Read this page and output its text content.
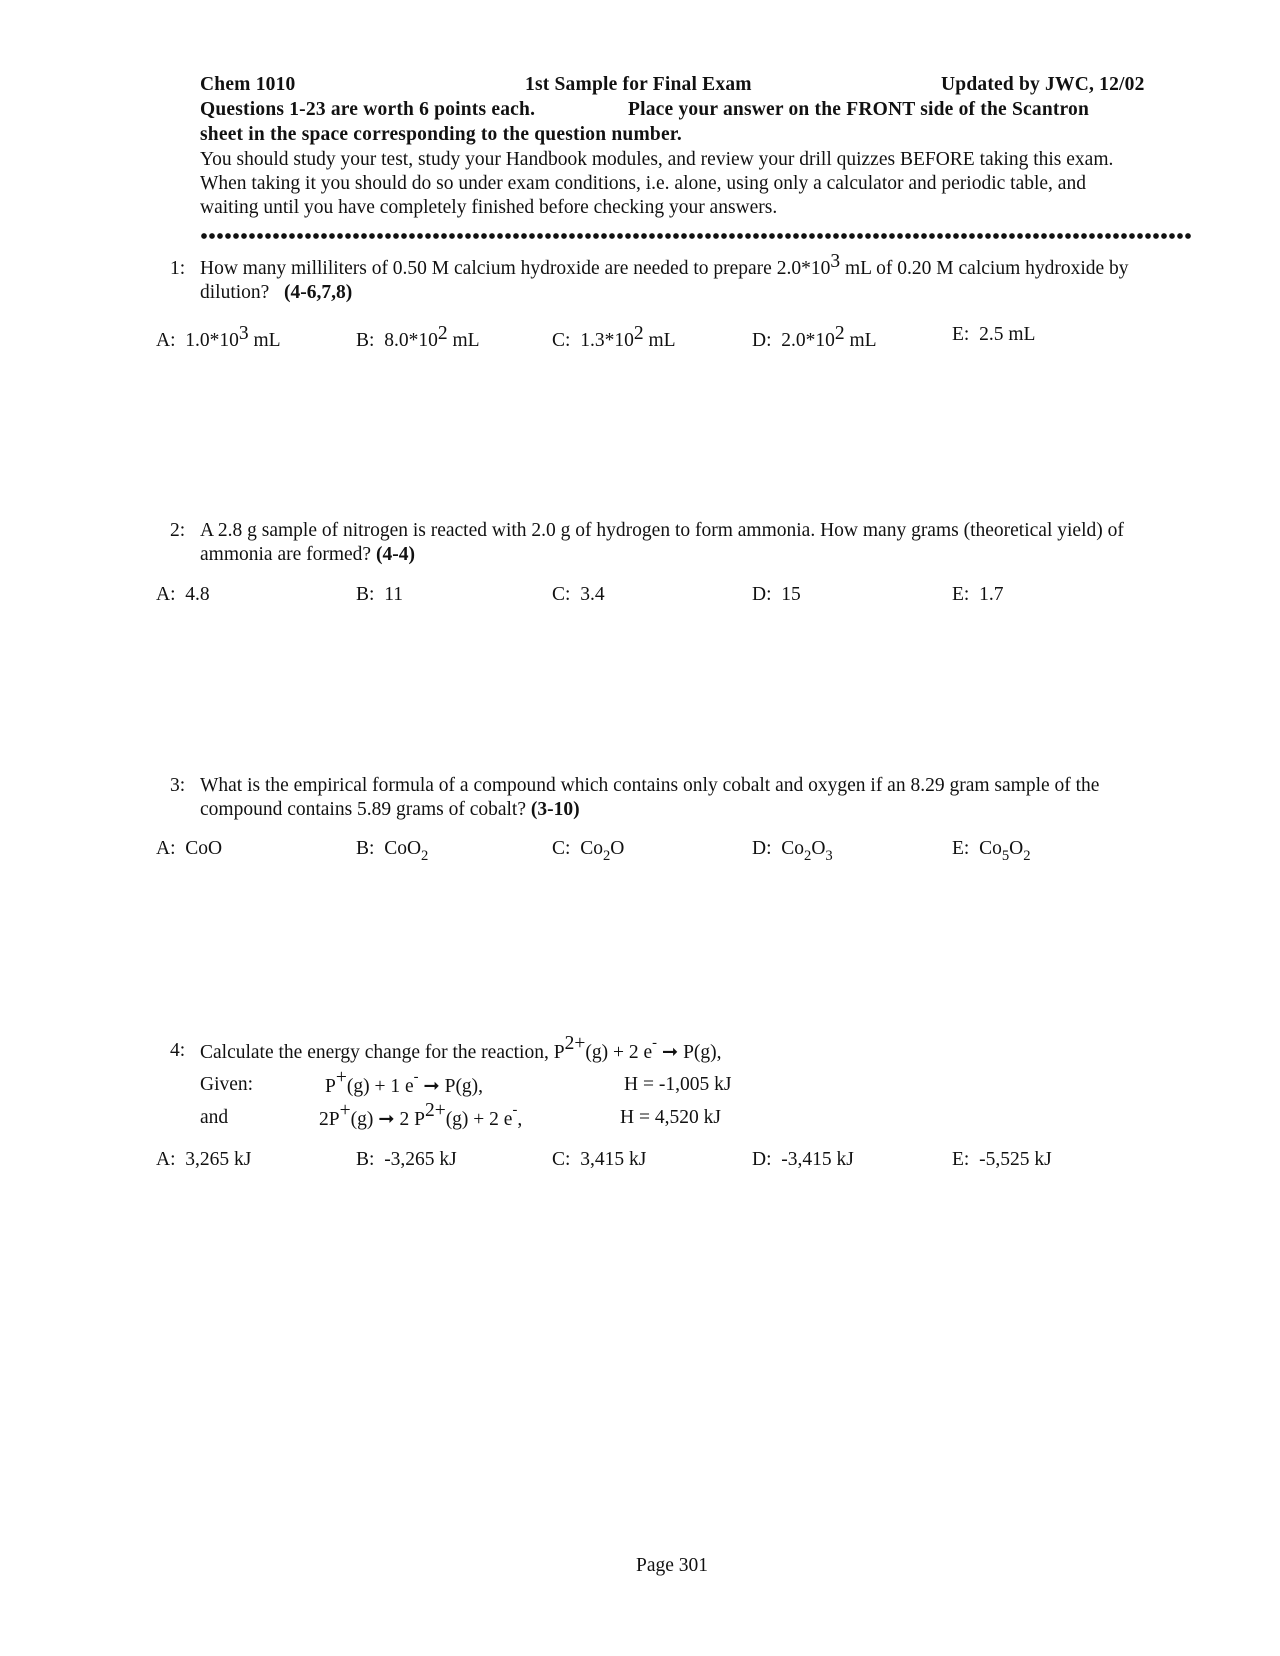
Chem 1010	1st Sample for Final Exam	Updated by JWC, 12/02
Questions 1-23 are worth 6 points each.	Place your answer on the FRONT side of the Scantron
sheet in the space corresponding to the question number.
You should study your test, study your Handbook modules, and review your drill quizzes BEFORE taking this exam.
When taking it you should do so under exam conditions, i.e. alone, using only a calculator and periodic table, and
waiting until you have completely finished before checking your answers.
1: How many milliliters of 0.50 M calcium hydroxide are needed to prepare $2.0*10^3$ mL of 0.20 M calcium hydroxide by
dilution? (4-6,7,8)
A: $1.0*10^3$ mL	B: $8.0*10^2$ mL	C: $1.3*10^2$ mL	D: $2.0*10^2$ mL	E: 2.5 mL
2: A 2.8 g sample of nitrogen is reacted with 2.0 g of hydrogen to form ammonia. How many grams (theoretical yield) of
ammonia are formed? (4-4)
A: 4.8	B: 11	C: 3.4	D: 15	E: 1.7
3: What is the empirical formula of a compound which contains only cobalt and oxygen if an 8.29 gram sample of the
compound contains 5.89 grams of cobalt? (3-10)
A: CoO	B: CoO$_2$	C: $Co_2O$	D: $Co_2O_3$	E: $Co_5O_2$
4: Calculate the energy change for the reaction, $P^{2+}(g) + 2$ e- ➞ P(g),
Given:	P+(g) + 1 e- ➞ P(g),	H = -1,005 kJ
and	2P+(g) ➞ 2 $P^{2+}(g) + 2$ e-,	H = 4,520 kJ
A: 3,265 kJ	B: -3,265 kJ	C: 3,415 kJ	D: -3,415 kJ	E: -5,525 kJ
Page 301
